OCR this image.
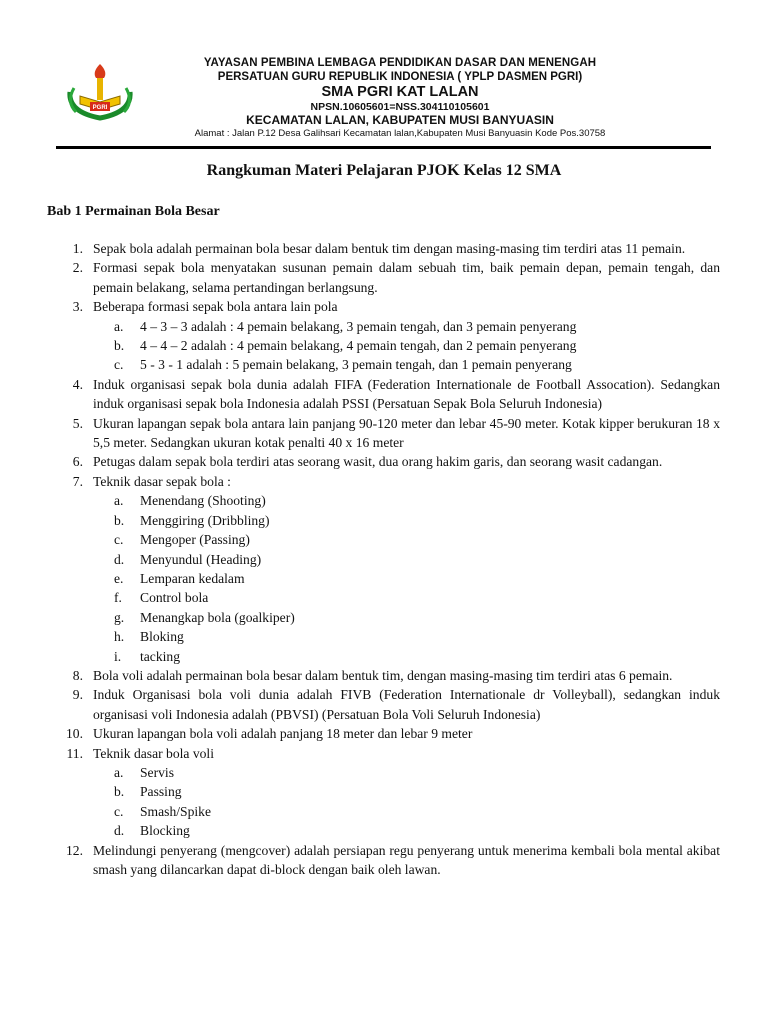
PGRI
YAYASAN PEMBINA LEMBAGA PENDIDIKAN DASAR DAN MENENGAH
PERSATUAN GURU REPUBLIK INDONESIA ( YPLP DASMEN PGRI)
SMA PGRI KAT LALAN
NPSN.10605601=NSS.304110105601
KECAMATAN LALAN, KABUPATEN MUSI BANYUASIN
Alamat : Jalan P.12 Desa Galihsari Kecamatan lalan,Kabupaten Musi Banyuasin Kode Pos.30758
Rangkuman Materi Pelajaran PJOK Kelas 12 SMA
Bab 1 Permainan Bola Besar
1. Sepak bola adalah permainan bola besar dalam bentuk tim dengan masing-masing tim terdiri atas 11 pemain.
2. Formasi sepak bola menyatakan susunan pemain dalam sebuah tim, baik pemain depan, pemain tengah, dan pemain belakang, selama pertandingan berlangsung.
3. Beberapa formasi sepak bola antara lain pola
a. 4 – 3 – 3 adalah : 4 pemain belakang, 3 pemain tengah, dan 3 pemain penyerang
b. 4 – 4 – 2 adalah : 4 pemain belakang, 4 pemain tengah, dan 2 pemain penyerang
c. 5 - 3 - 1 adalah : 5 pemain belakang, 3 pemain tengah, dan 1 pemain penyerang
4. Induk organisasi sepak bola dunia adalah FIFA (Federation Internationale de Football Assocation). Sedangkan induk organisasi sepak bola Indonesia adalah PSSI (Persatuan Sepak Bola Seluruh Indonesia)
5. Ukuran lapangan sepak bola antara lain panjang 90-120 meter dan lebar 45-90 meter. Kotak kipper berukuran 18 x 5,5 meter. Sedangkan ukuran kotak penalti 40 x 16 meter
6. Petugas dalam sepak bola terdiri atas seorang wasit, dua orang hakim garis, dan seorang wasit cadangan.
7. Teknik dasar sepak bola :
a. Menendang (Shooting)
b. Menggiring (Dribbling)
c. Mengoper (Passing)
d. Menyundul (Heading)
e. Lemparan kedalam
f. Control bola
g. Menangkap bola (goalkiper)
h. Bloking
i. tacking
8. Bola voli adalah permainan bola besar dalam bentuk tim, dengan masing-masing tim terdiri atas 6 pemain.
9. Induk Organisasi bola voli dunia adalah FIVB (Federation Internationale dr Volleyball), sedangkan induk organisasi voli Indonesia adalah (PBVSI) (Persatuan Bola Voli Seluruh Indonesia)
10. Ukuran lapangan bola voli adalah panjang 18 meter dan lebar 9 meter
11. Teknik dasar bola voli
a. Servis
b. Passing
c. Smash/Spike
d. Blocking
12. Melindungi penyerang (mengcover) adalah persiapan regu penyerang untuk menerima kembali bola mental akibat smash yang dilancarkan dapat di-block dengan baik oleh lawan.
